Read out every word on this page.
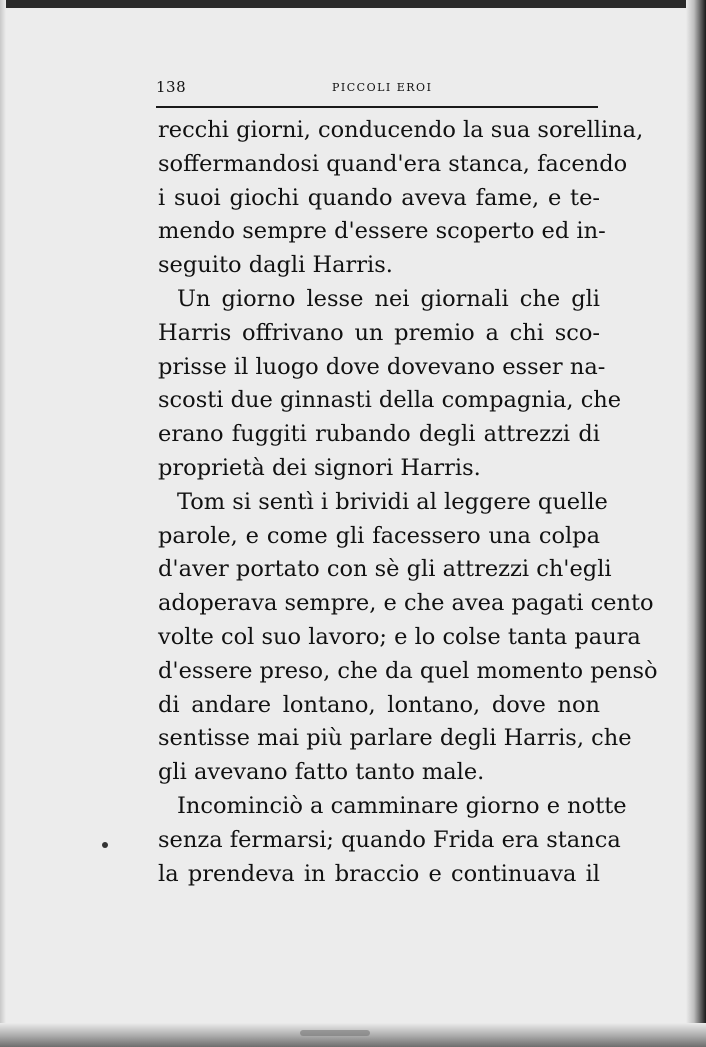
138	PICCOLI EROI
recchi giorni, conducendo la sua sorellina,
soffermandosi quand'era stanca, facendo
i suoi giochi quando aveva fame, e te-
mendo sempre d'essere scoperto ed in-
seguito dagli Harris.
Un giorno lesse nei giornali che gli
Harris offrivano un premio a chi sco-
prisse il luogo dove dovevano esser na-
scosti due ginnasti della compagnia, che
erano fuggiti rubando degli attrezzi di
proprietà dei signori Harris.
Tom si sentì i brividi al leggere quelle
parole, e come gli facessero una colpa
d'aver portato con sè gli attrezzi ch'egli
adoperava sempre, e che avea pagati cento
volte col suo lavoro; e lo colse tanta paura
d'essere preso, che da quel momento pensò
di andare lontano, lontano, dove non
sentisse mai più parlare degli Harris, che
gli avevano fatto tanto male.
Incominciò a camminare giorno e notte
senza fermarsi; quando Frida era stanca
la prendeva in braccio e continuava il
